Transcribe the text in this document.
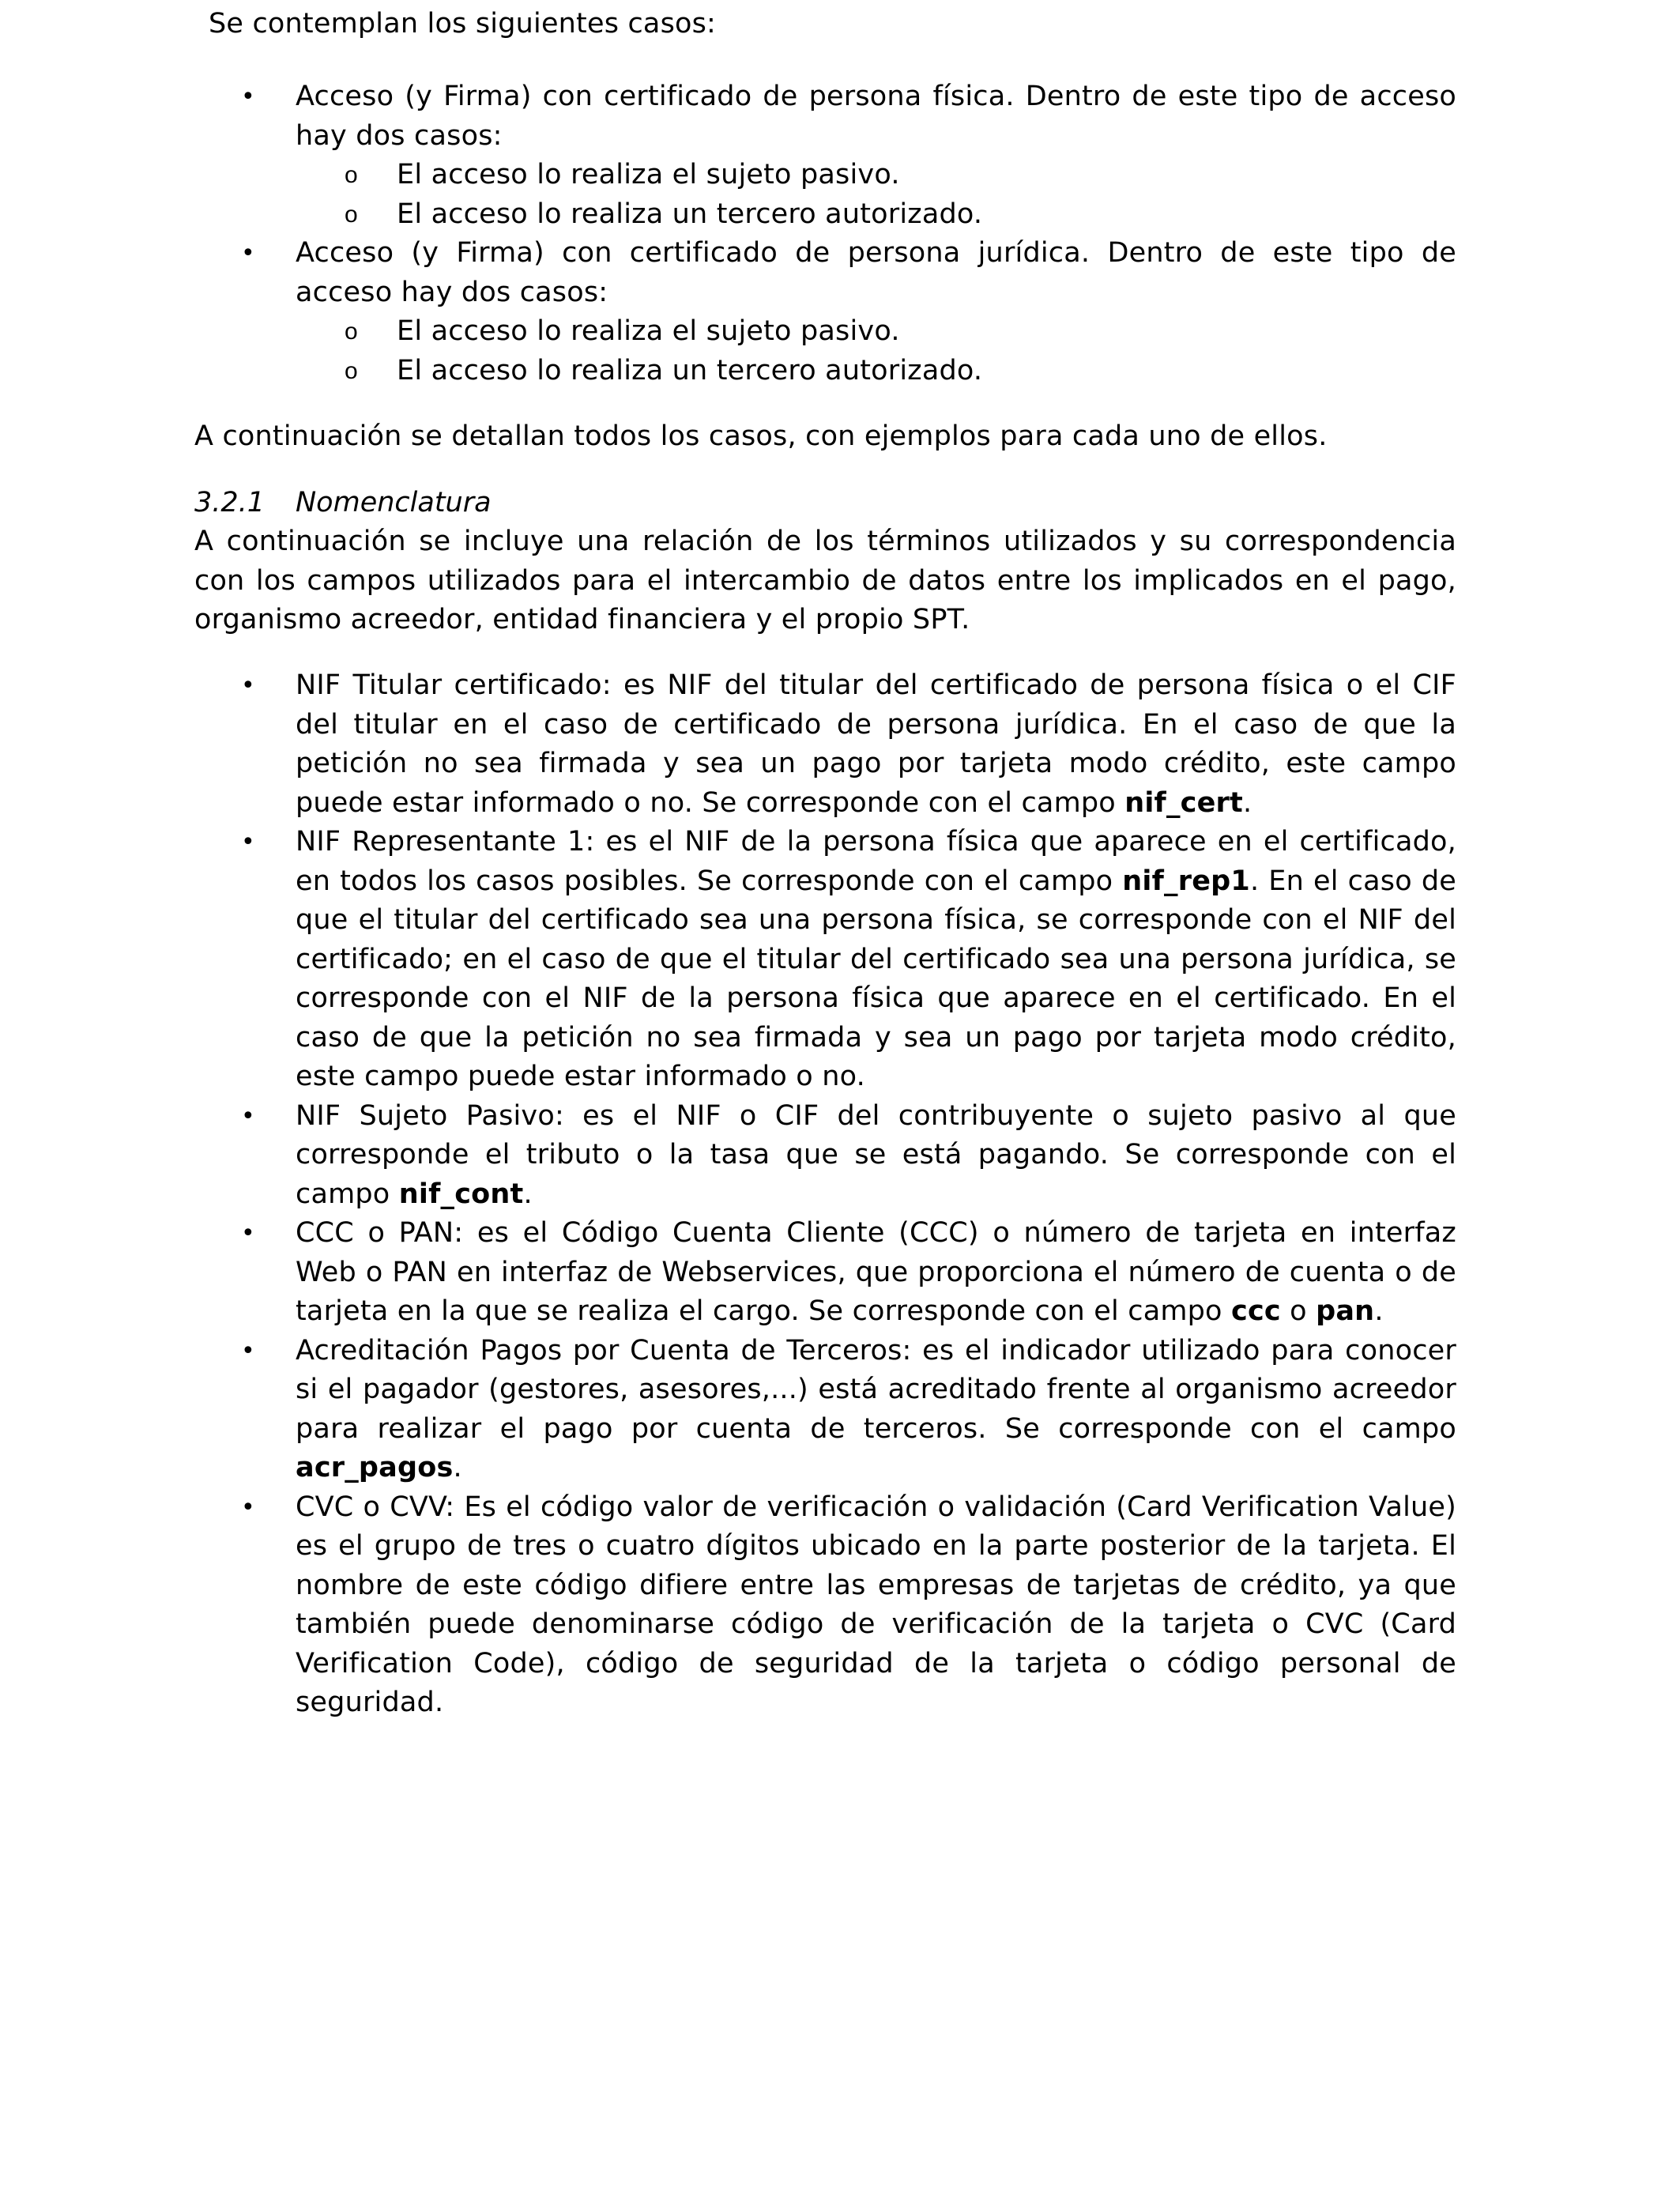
Se contemplan los siguientes casos:

• Acceso (y Firma) con certificado de persona física. Dentro de este tipo de acceso hay dos casos:
o El acceso lo realiza el sujeto pasivo.
o El acceso lo realiza un tercero autorizado.
• Acceso (y Firma) con certificado de persona jurídica. Dentro de este tipo de acceso hay dos casos:
o El acceso lo realiza el sujeto pasivo.
o El acceso lo realiza un tercero autorizado.

A continuación se detallan todos los casos, con ejemplos para cada uno de ellos.

3.2.1 Nomenclatura

A continuación se incluye una relación de los términos utilizados y su correspondencia con los campos utilizados para el intercambio de datos entre los implicados en el pago, organismo acreedor, entidad financiera y el propio SPT.

• NIF Titular certificado: es NIF del titular del certificado de persona física o el CIF del titular en el caso de certificado de persona jurídica. En el caso de que la petición no sea firmada y sea un pago por tarjeta modo crédito, este campo puede estar informado o no. Se corresponde con el campo nif_cert.
• NIF Representante 1: es el NIF de la persona física que aparece en el certificado, en todos los casos posibles. Se corresponde con el campo nif_rep1. En el caso de que el titular del certificado sea una persona física, se corresponde con el NIF del certificado; en el caso de que el titular del certificado sea una persona jurídica, se corresponde con el NIF de la persona física que aparece en el certificado. En el caso de que la petición no sea firmada y sea un pago por tarjeta modo crédito, este campo puede estar informado o no.
• NIF Sujeto Pasivo: es el NIF o CIF del contribuyente o sujeto pasivo al que corresponde el tributo o la tasa que se está pagando. Se corresponde con el campo nif_cont.
• CCC o PAN: es el Código Cuenta Cliente (CCC) o número de tarjeta en interfaz Web o PAN en interfaz de Webservices, que proporciona el número de cuenta o de tarjeta en la que se realiza el cargo. Se corresponde con el campo ccc o pan.
• Acreditación Pagos por Cuenta de Terceros: es el indicador utilizado para conocer si el pagador (gestores, asesores,...) está acreditado frente al organismo acreedor para realizar el pago por cuenta de terceros. Se corresponde con el campo acr_pagos.
• CVC o CVV: Es el código valor de verificación o validación (Card Verification Value) es el grupo de tres o cuatro dígitos ubicado en la parte posterior de la tarjeta. El nombre de este código difiere entre las empresas de tarjetas de crédito, ya que también puede denominarse código de verificación de la tarjeta o CVC (Card Verification Code), código de seguridad de la tarjeta o código personal de seguridad.
